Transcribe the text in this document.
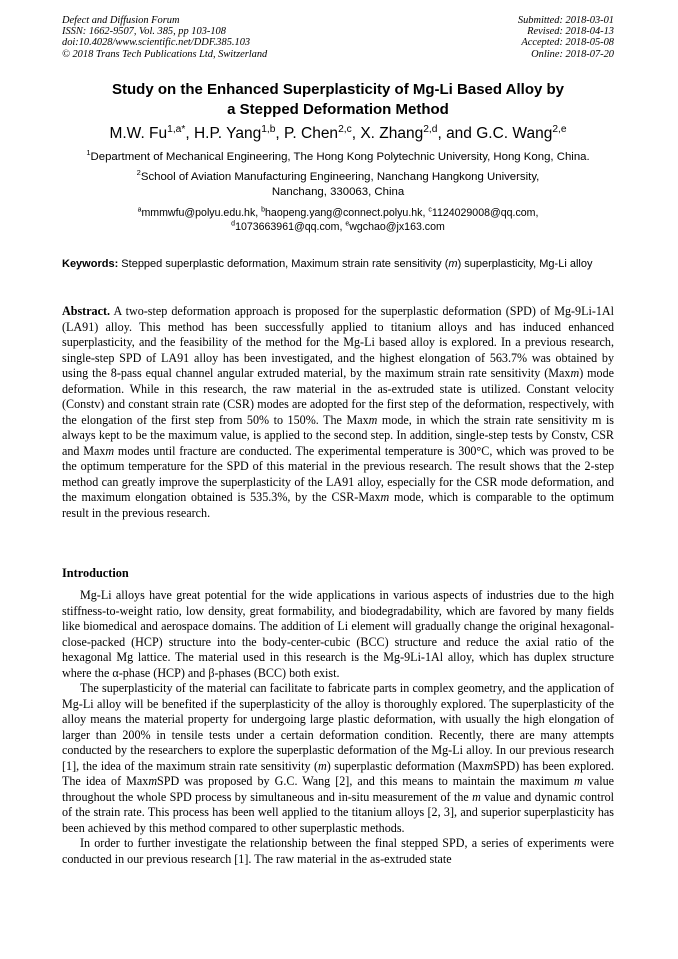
Defect and Diffusion Forum
ISSN: 1662-9507, Vol. 385, pp 103-108
doi:10.4028/www.scientific.net/DDF.385.103
© 2018 Trans Tech Publications Ltd, Switzerland
Submitted: 2018-03-01
Revised: 2018-04-13
Accepted: 2018-05-08
Online: 2018-07-20
Study on the Enhanced Superplasticity of Mg-Li Based Alloy by
a Stepped Deformation Method
M.W. $Fu^{1,a*}$, H.P. Yang$^{1,b}$, P. Chen$^{2,c}$, X. Zhang$^{2,d}$, and G.C. Wang$^{2,e}$
$^1$Department of Mechanical Engineering, The Hong Kong Polytechnic University, Hong Kong, China.
$^2$School of Aviation Manufacturing Engineering, Nanchang Hangkong University,
Nanchang, 330063, China
$^a$mmmwfu@polyu.edu.hk, $^b$haopeng.yang@connect.polyu.hk, $^c$1124029008@qq.com,
$^d$1073663961@qq.com, $^e$wgchao@jx163.com
Keywords: Stepped superplastic deformation, Maximum strain rate sensitivity (m) superplasticity, Mg-Li alloy
Abstract. A two-step deformation approach is proposed for the superplastic deformation (SPD) of Mg-9Li-1Al (LA91) alloy. This method has been successfully applied to titanium alloys and has induced enhanced superplasticity, and the feasibility of the method for the Mg-Li based alloy is explored. In a previous research, single-step SPD of LA91 alloy has been investigated, and the highest elongation of 563.7% was obtained by using the 8-pass equal channel angular extruded material, by the maximum strain rate sensitivity (Maxm) mode deformation. While in this research, the raw material in the as-extruded state is utilized. Constant velocity (Constv) and constant strain rate (CSR) modes are adopted for the first step of the deformation, respectively, with the elongation of the first step from 50% to 150%. The Maxm mode, in which the strain rate sensitivity m is always kept to be the maximum value, is applied to the second step. In addition, single-step tests by Constv, CSR and Maxm modes until fracture are conducted. The experimental temperature is 300°C, which was proved to be the optimum temperature for the SPD of this material in the previous research. The result shows that the 2-step method can greatly improve the superplasticity of the LA91 alloy, especially for the CSR mode deformation, and the maximum elongation obtained is 535.3%, by the CSR-Maxm mode, which is comparable to the optimum result in the previous research.
Introduction

Mg-Li alloys have great potential for the wide applications in various aspects of industries due to the high stiffness-to-weight ratio, low density, great formability, and biodegradability, which are favored by many fields like biomedical and aerospace domains. The addition of Li element will gradually change the original hexagonal-close-packed (HCP) structure into the body-center-cubic (BCC) structure and reduce the axial ratio of the hexagonal Mg lattice. The material used in this research is the Mg-9Li-1Al alloy, which has duplex structure where the α-phase (HCP) and β-phases (BCC) both exist.

The superplasticity of the material can facilitate to fabricate parts in complex geometry, and the application of Mg-Li alloy will be benefited if the superplasticity of the alloy is thoroughly explored. The superplasticity of the alloy means the material property for undergoing large plastic deformation, with usually the high elongation of larger than 200% in tensile tests under a certain deformation condition. Recently, there are many attempts conducted by the researchers to explore the superplastic deformation of the Mg-Li alloy. In our previous research [1], the idea of the maximum strain rate sensitivity (m) superplastic deformation (MaxmSPD) has been explored. The idea of MaxmSPD was proposed by G.C. Wang [2], and this means to maintain the maximum m value throughout the whole SPD process by simultaneous and in-situ measurement of the m value and dynamic control of the strain rate. This process has been well applied to the titanium alloys [2, 3], and superior superplasticity has been achieved by this method compared to other superplastic methods.

In order to further investigate the relationship between the final stepped SPD, a series of experiments were conducted in our previous research [1]. The raw material in the as-extruded state
